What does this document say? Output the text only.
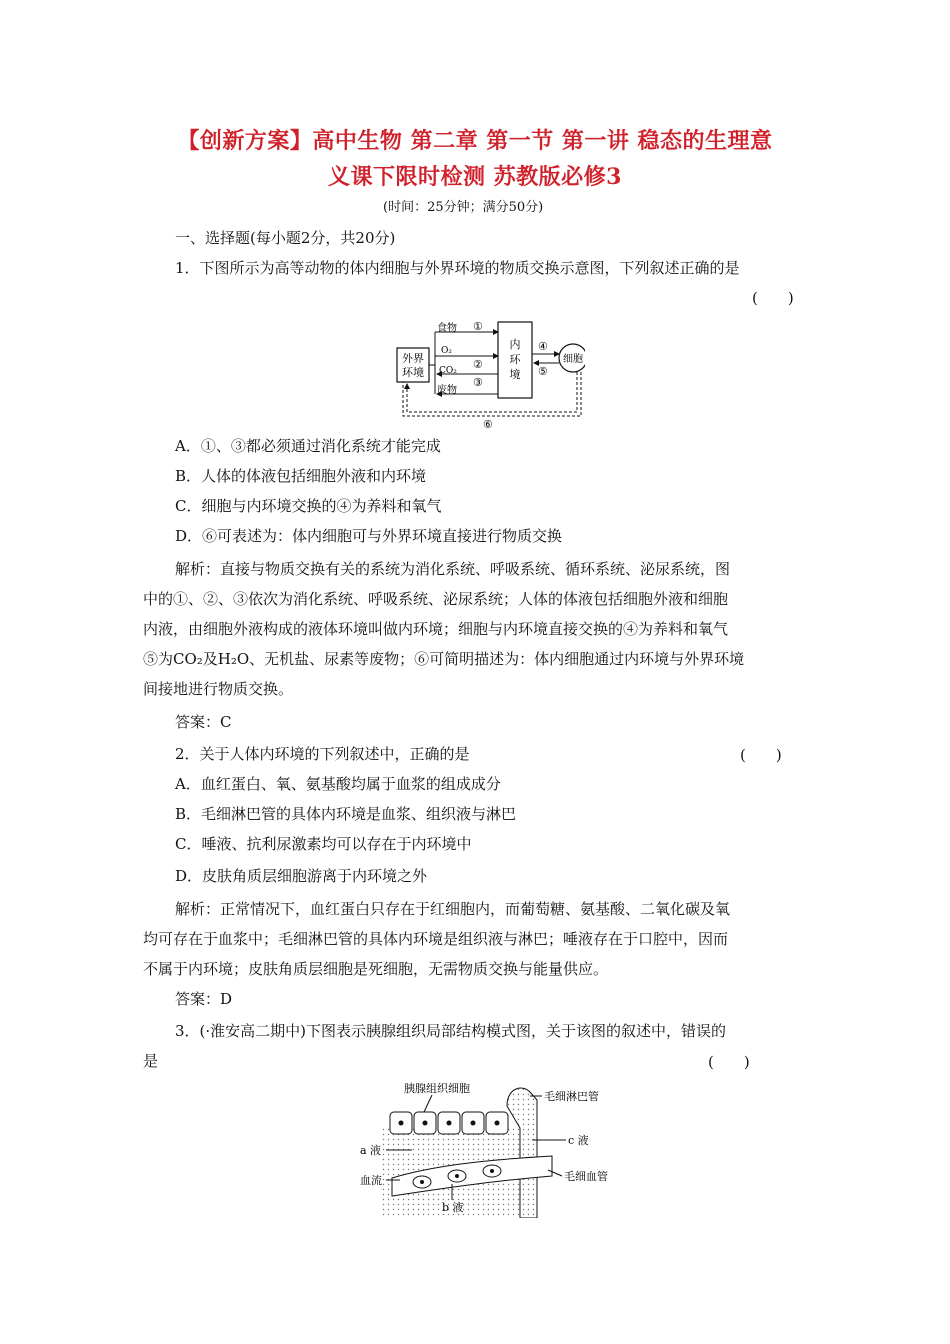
【创新方案】高中生物 第二章 第一节 第一讲 稳态的生理意
义课下限时检测 苏教版必修3
(时间：25分钟；满分50分)
一、选择题(每小题2分，共20分)
1．下图所示为高等动物的体内细胞与外界环境的物质交换示意图，下列叙述正确的是
(　　)
外界
环境
内
环
境
细胞
食物 ①
O₂
②
CO₂
③
废物
④
⑤
⑥
A．①、③都必须通过消化系统才能完成
B．人体的体液包括细胞外液和内环境
C．细胞与内环境交换的④为养料和氧气
D．⑥可表述为：体内细胞可与外界环境直接进行物质交换
解析：直接与物质交换有关的系统为消化系统、呼吸系统、循环系统、泌尿系统，图
中的①、②、③依次为消化系统、呼吸系统、泌尿系统；人体的体液包括细胞外液和细胞
内液，由细胞外液构成的液体环境叫做内环境；细胞与内环境直接交换的④为养料和氧气
⑤为CO₂及H₂O、无机盐、尿素等废物；⑥可简明描述为：体内细胞通过内环境与外界环境
间接地进行物质交换。
答案：C
2．关于人体内环境的下列叙述中，正确的是	(　　)
A．血红蛋白、氧、氨基酸均属于血浆的组成成分
B．毛细淋巴管的具体内环境是血浆、组织液与淋巴
C．唾液、抗利尿激素均可以存在于内环境中
D．皮肤角质层细胞游离于内环境之外
解析：正常情况下，血红蛋白只存在于红细胞内，而葡萄糖、氨基酸、二氧化碳及氧
均可存在于血浆中；毛细淋巴管的具体内环境是组织液与淋巴；唾液存在于口腔中，因而
不属于内环境；皮肤角质层细胞是死细胞，无需物质交换与能量供应。
答案：D
3．(·淮安高二期中)下图表示胰腺组织局部结构模式图，关于该图的叙述中，错误的
是	(　　)
胰腺组织细胞
毛细淋巴管
c 液
a 液
血流	毛细血管
b 液
